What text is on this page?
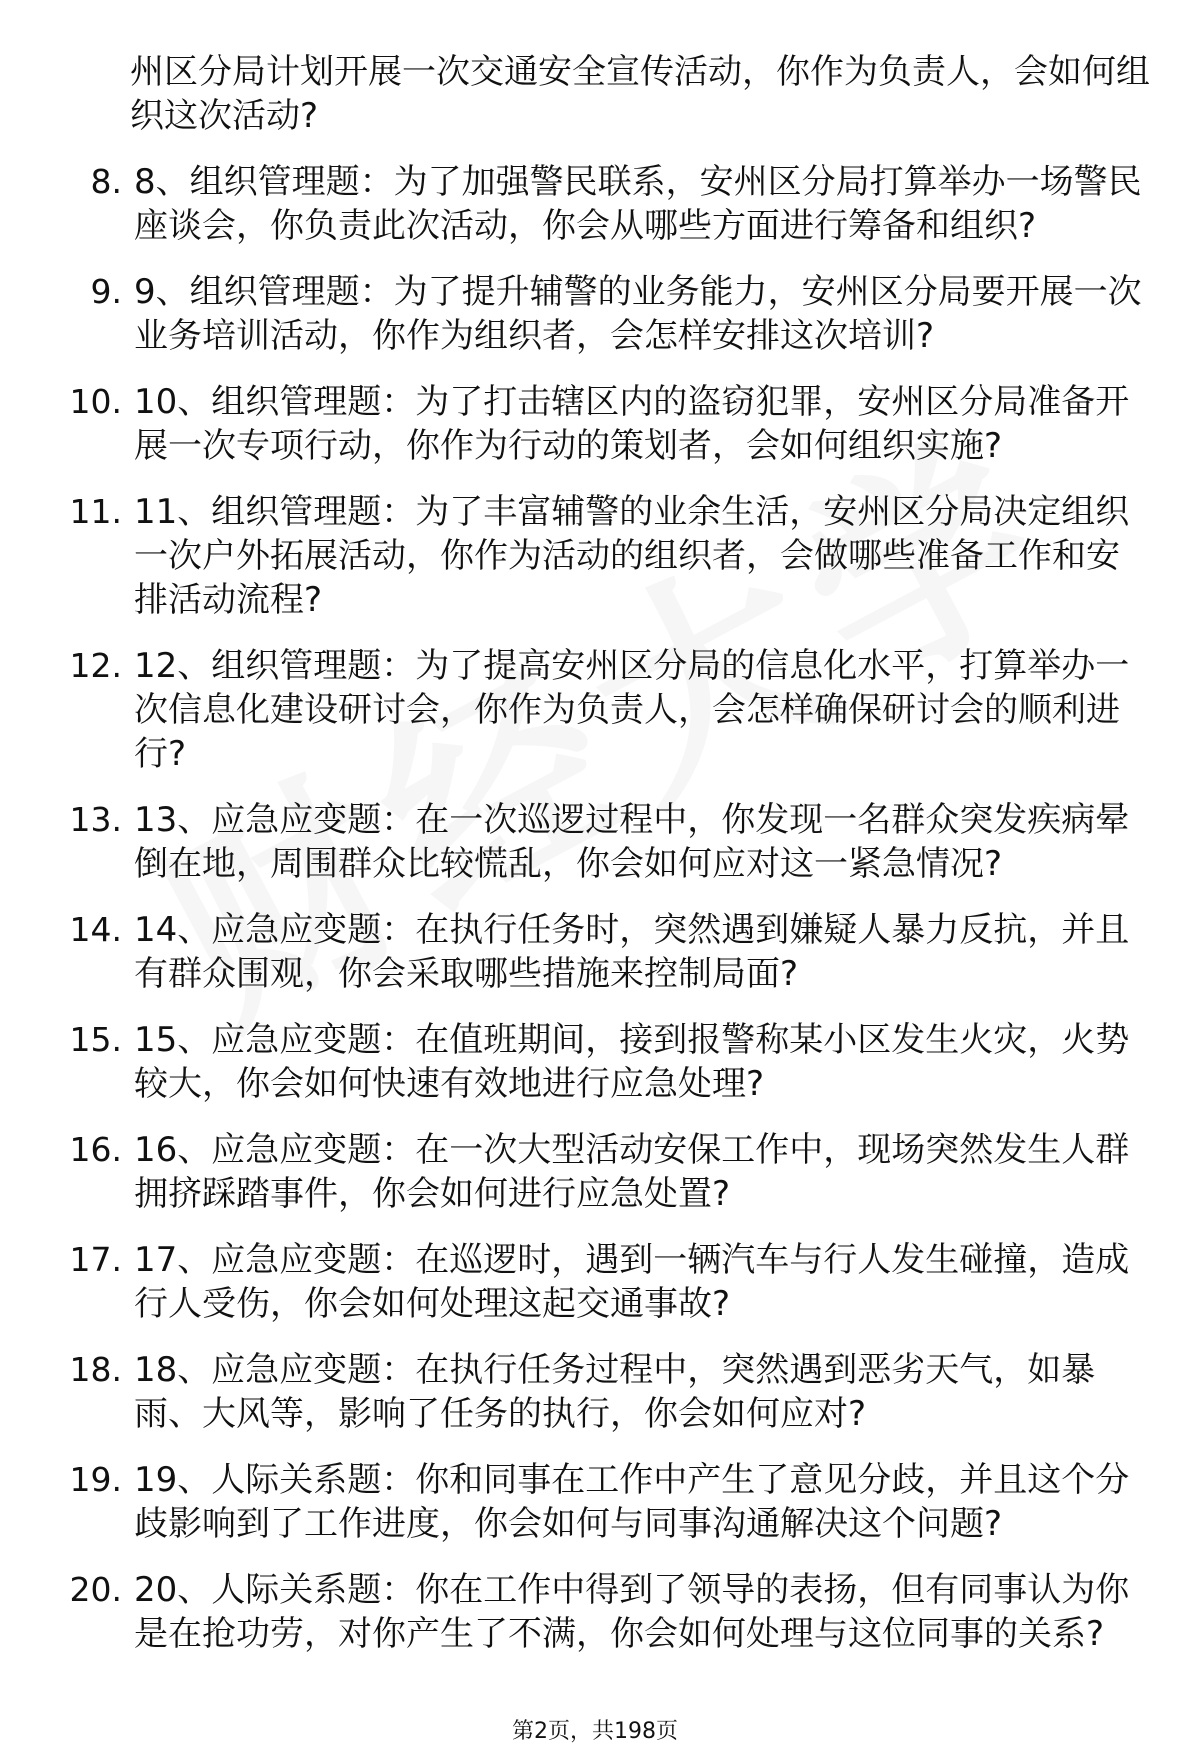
州区分局计划开展一次交通安全宣传活动，你作为负责人，会如何组织这次活动?
8. 8、组织管理题：为了加强警民联系，安州区分局打算举办一场警民座谈会，你负责此次活动，你会从哪些方面进行筹备和组织?
9. 9、组织管理题：为了提升辅警的业务能力，安州区分局要开展一次业务培训活动，你作为组织者，会怎样安排这次培训?
10. 10、组织管理题：为了打击辖区内的盗窃犯罪，安州区分局准备开展一次专项行动，你作为行动的策划者，会如何组织实施?
11. 11、组织管理题：为了丰富辅警的业余生活，安州区分局决定组织一次户外拓展活动，你作为活动的组织者，会做哪些准备工作和安排活动流程?
12. 12、组织管理题：为了提高安州区分局的信息化水平，打算举办一次信息化建设研讨会，你作为负责人，会怎样确保研讨会的顺利进行?
13. 13、应急应变题：在一次巡逻过程中，你发现一名群众突发疾病晕倒在地，周围群众比较慌乱，你会如何应对这一紧急情况?
14. 14、应急应变题：在执行任务时，突然遇到嫌疑人暴力反抗，并且有群众围观，你会采取哪些措施来控制局面?
15. 15、应急应变题：在值班期间，接到报警称某小区发生火灾，火势较大，你会如何快速有效地进行应急处理?
16. 16、应急应变题：在一次大型活动安保工作中，现场突然发生人群拥挤踩踏事件，你会如何进行应急处置?
17. 17、应急应变题：在巡逻时，遇到一辆汽车与行人发生碰撞，造成行人受伤，你会如何处理这起交通事故?
18. 18、应急应变题：在执行任务过程中，突然遇到恶劣天气，如暴雨、大风等，影响了任务的执行，你会如何应对?
19. 19、人际关系题：你和同事在工作中产生了意见分歧，并且这个分歧影响到了工作进度，你会如何与同事沟通解决这个问题?
20. 20、人际关系题：你在工作中得到了领导的表扬，但有同事认为你是在抢功劳，对你产生了不满，你会如何处理与这位同事的关系?
第2页，共198页
